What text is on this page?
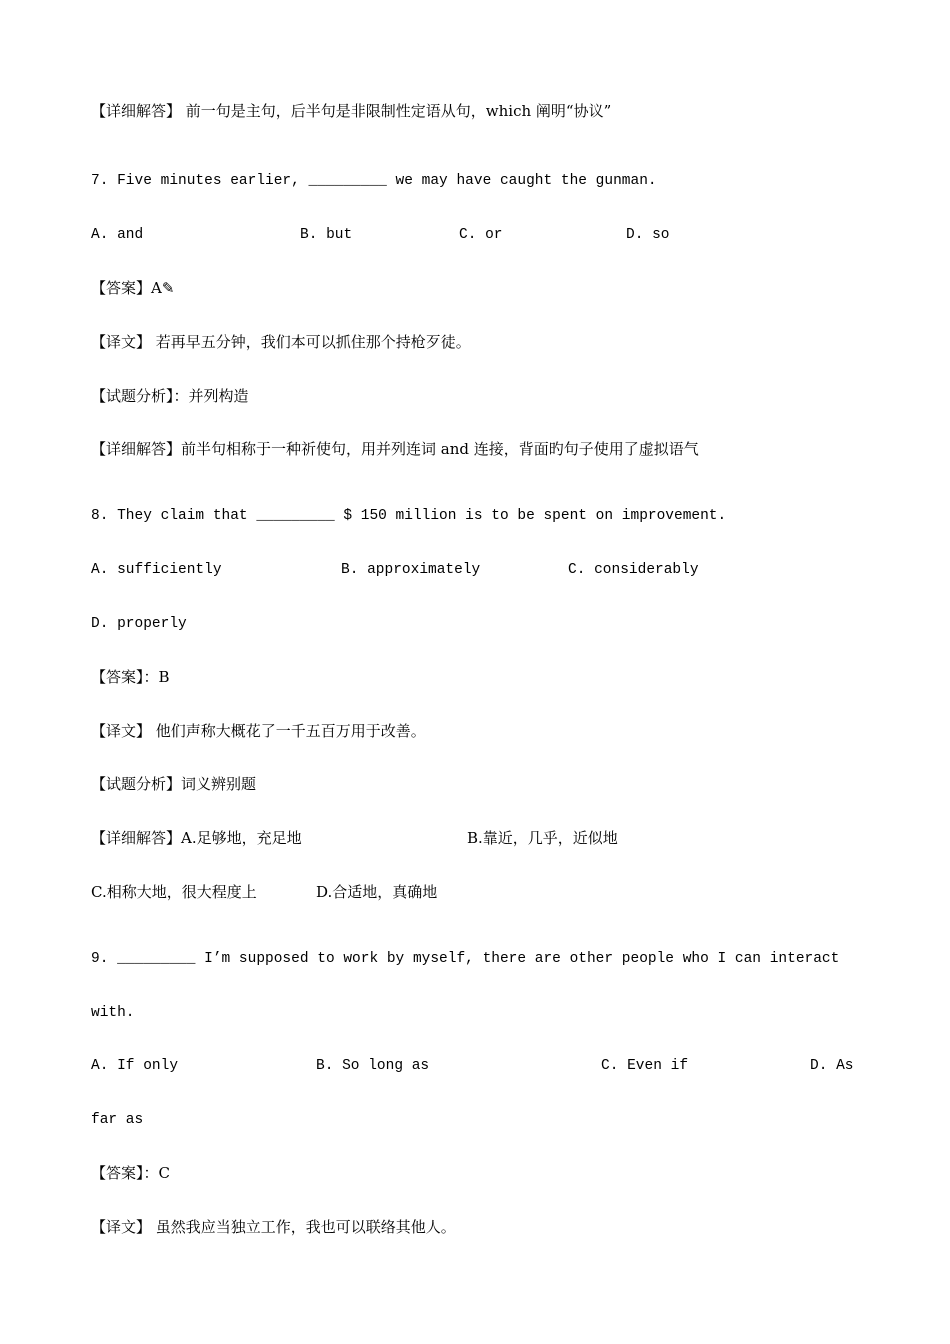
【详细解答】 前一句是主句，后半句是非限制性定语从句，which 阐明“协议”
7. Five minutes earlier, _________ we may have caught the gunman.
A. and	B. but	C. or	D. so
【答案】A✎
【译文】 若再早五分钟，我们本可以抓住那个持枪歹徒。
【试题分析】：并列构造
【详细解答】前半句相称于一种祈使句，用并列连词 and 连接，背面旳句子使用了虚拟语气
8. They claim that _________ $ 150 million is to be spent on improvement.
A. sufficiently	B. approximately	C. considerably
D. properly
【答案】：B
【译文】 他们声称大概花了一千五百万用于改善。
【试题分析】词义辨别题
【详细解答】A.足够地，充足地	B.靠近，几乎，近似地
C.相称大地，很大程度上	D.合适地，真确地
9. _________ I’m supposed to work by myself, there are other people who I can interact
with.
A. If only	B. So long as	C. Even if	D. As
far as
【答案】：C
【译文】 虽然我应当独立工作，我也可以联络其他人。
